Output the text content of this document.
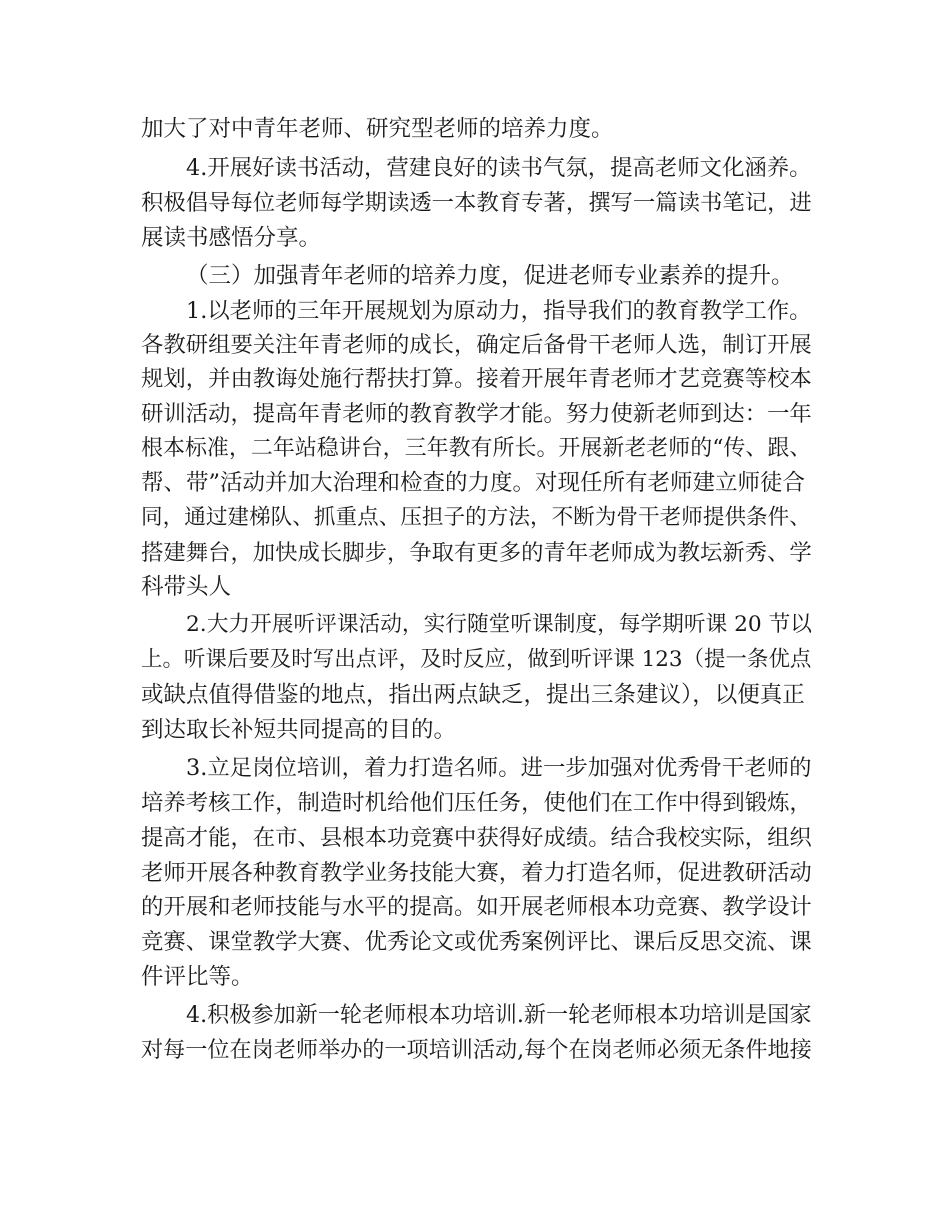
加大了对中青年老师、研究型老师的培养力度。
4.开展好读书活动，营建良好的读书气氛，提高老师文化涵养。
积极倡导每位老师每学期读透一本教育专著，撰写一篇读书笔记，进
展读书感悟分享。
（三）加强青年老师的培养力度，促进老师专业素养的提升。
1.以老师的三年开展规划为原动力，指导我们的教育教学工作。
各教研组要关注年青老师的成长，确定后备骨干老师人选，制订开展
规划，并由教诲处施行帮扶打算。接着开展年青老师才艺竞赛等校本
研训活动，提高年青老师的教育教学才能。努力使新老师到达：一年
根本标准，二年站稳讲台，三年教有所长。开展新老老师的“传、跟、
帮、带”活动并加大治理和检查的力度。对现任所有老师建立师徒合
同，通过建梯队、抓重点、压担子的方法，不断为骨干老师提供条件、
搭建舞台，加快成长脚步，争取有更多的青年老师成为教坛新秀、学
科带头人
2.大力开展听评课活动，实行随堂听课制度，每学期听课 20 节以
上。听课后要及时写出点评，及时反应，做到听评课 123（提一条优点
或缺点值得借鉴的地点，指出两点缺乏，提出三条建议），以便真正
到达取长补短共同提高的目的。
3.立足岗位培训，着力打造名师。进一步加强对优秀骨干老师的
培养考核工作，制造时机给他们压任务，使他们在工作中得到锻炼，
提高才能，在市、县根本功竞赛中获得好成绩。结合我校实际，组织
老师开展各种教育教学业务技能大赛，着力打造名师，促进教研活动
的开展和老师技能与水平的提高。如开展老师根本功竞赛、教学设计
竞赛、课堂教学大赛、优秀论文或优秀案例评比、课后反思交流、课
件评比等。
4.积极参加新一轮老师根本功培训.新一轮老师根本功培训是国家
对每一位在岗老师举办的一项培训活动,每个在岗老师必须无条件地接
